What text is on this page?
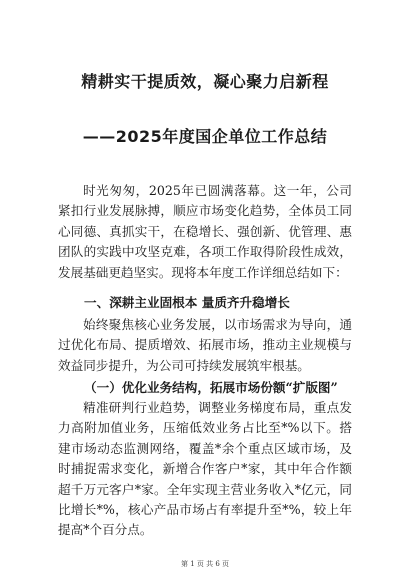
精耕实干提质效，凝心聚力启新程
——2025年度国企单位工作总结

时光匆匆，2025年已圆满落幕。这一年，公司紧扣行业发展脉搏，顺应市场变化趋势，全体员工同心同德、真抓实干，在稳增长、强创新、优管理、惠团队的实践中攻坚克难，各项工作取得阶段性成效，发展基础更趋坚实。现将本年度工作详细总结如下：

一、深耕主业固根本 量质齐升稳增长

始终聚焦核心业务发展，以市场需求为导向，通过优化布局、提质增效、拓展市场，推动主业规模与效益同步提升，为公司可持续发展筑牢根基。

（一）优化业务结构，拓展市场份额“扩版图”

精准研判行业趋势，调整业务梯度布局，重点发力高附加值业务，压缩低效业务占比至*%以下。搭建市场动态监测网络，覆盖*余个重点区域市场，及时捕捉需求变化，新增合作客户*家，其中年合作额超千万元客户*家。全年实现主营业务收入*亿元，同比增长*%，核心产品市场占有率提升至*%，较上年提高*个百分点。

第 1 页 共 6 页
